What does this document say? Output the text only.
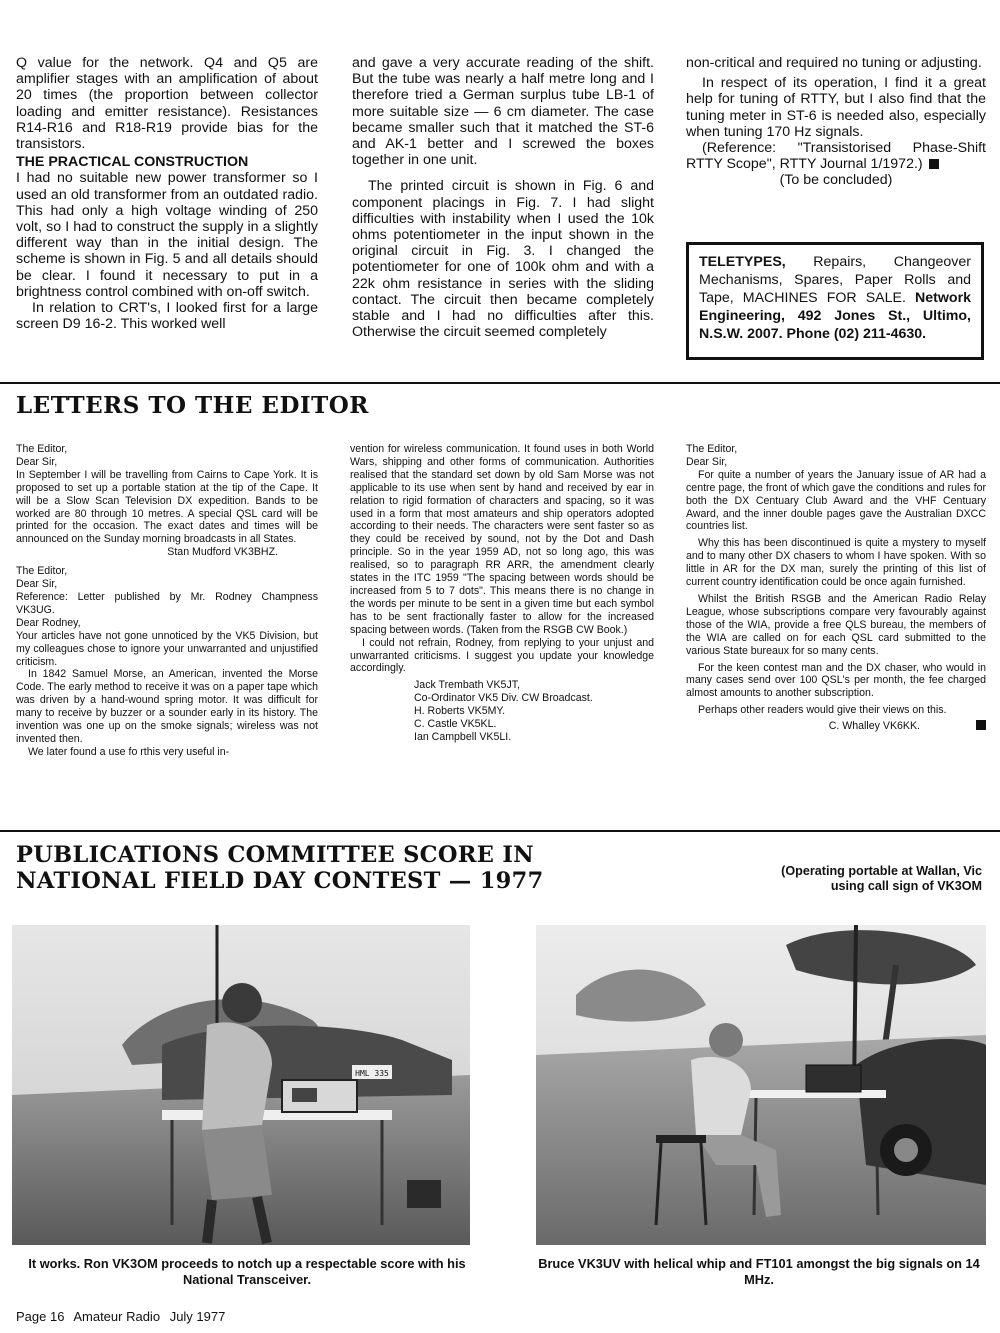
Q value for the network. Q4 and Q5 are amplifier stages with an amplification of about 20 times (the proportion between collector loading and emitter resistance). Resistances R14-R16 and R18-R19 provide bias for the transistors.

THE PRACTICAL CONSTRUCTION

I had no suitable new power transformer so I used an old transformer from an outdated radio. This had only a high voltage winding of 250 volt, so I had to construct the supply in a slightly different way than in the initial design. The scheme is shown in Fig. 5 and all details should be clear. I found it necessary to put in a brightness control combined with on-off switch.

In relation to CRT's, I looked first for a large screen D9 16-2. This worked well

and gave a very accurate reading of the shift. But the tube was nearly a half metre long and I therefore tried a German surplus tube LB-1 of more suitable size — 6 cm diameter. The case became smaller such that it matched the ST-6 and AK-1 better and I screwed the boxes together in one unit.

The printed circuit is shown in Fig. 6 and component placings in Fig. 7. I had slight difficulties with instability when I used the 10k ohms potentiometer in the input shown in the original circuit in Fig. 3. I changed the potentiometer for one of 100k ohm and with a 22k ohm resistance in series with the sliding contact. The circuit then became completely stable and I had no difficulties after this. Otherwise the circuit seemed completely

non-critical and required no tuning or adjusting.

In respect of its operation, I find it a great help for tuning of RTTY, but I also find that the tuning meter in ST-6 is needed also, especially when tuning 170 Hz signals.

(Reference: "Transistorised Phase-Shift RTTY Scope", RTTY Journal 1/1972.)

(To be concluded)

TELETYPES, Repairs, Changeover Mechanisms, Spares, Paper Rolls and Tape, MACHINES FOR SALE. Network Engineering, 492 Jones St., Ultimo, N.S.W. 2007. Phone (02) 211-4630.
LETTERS TO THE EDITOR

The Editor,

Dear Sir,

In September I will be travelling from Cairns to Cape York. It is proposed to set up a portable station at the tip of the Cape. It will be a Slow Scan Television DX expedition. Bands to be worked are 80 through 10 metres. A special QSL card will be printed for the occasion. The exact dates and times will be announced on the Sunday morning broadcasts in all States.

Stan Mudford VK3BHZ.

The Editor,

Dear Sir,

Reference: Letter published by Mr. Rodney Champness VK3UG.

Dear Rodney,

Your articles have not gone unnoticed by the VK5 Division, but my colleagues chose to ignore your unwarranted and unjustified criticism.

In 1842 Samuel Morse, an American, invented the Morse Code. The early method to receive it was on a paper tape which was driven by a hand-wound spring motor. It was difficult for many to receive by buzzer or a sounder early in its history. The invention was one up on the smoke signals; wireless was not invented then.

We later found a use fo rthis very useful in-

vention for wireless communication. It found uses in both World Wars, shipping and other forms of communication. Authorities realised that the standard set down by old Sam Morse was not applicable to its use when sent by hand and received by ear in relation to rigid formation of characters and spacing, so it was used in a form that most amateurs and ship operators adopted according to their needs. The characters were sent faster so as they could be received by sound, not by the Dot and Dash principle. So in the year 1959 AD, not so long ago, this was realised, so to paragraph RR ARR, the amendment clearly states in the ITC 1959 "The spacing between words should be increased from 5 to 7 dots". This means there is no change in the words per minute to be sent in a given time but each symbol has to be sent fractionally faster to allow for the increased spacing between words. (Taken from the RSGB CW Book.)

I could not refrain, Rodney, from replying to your unjust and unwarranted criticisms. I suggest you update your knowledge accordingly.

Jack Trembath VK5JT,

Co-Ordinator VK5 Div. CW Broadcast.

H. Roberts VK5MY.

C. Castle VK5KL.

Ian Campbell VK5LI.

The Editor,

Dear Sir,

For quite a number of years the January issue of AR had a centre page, the front of which gave the conditions and rules for both the DX Centuary Club Award and the VHF Centuary Award, and the inner double pages gave the Australian DXCC countries list.

Why this has been discontinued is quite a mystery to myself and to many other DX chasers to whom I have spoken. With so little in AR for the DX man, surely the printing of this list of current country identification could be once again furnished.

Whilst the British RSGB and the American Radio Relay League, whose subscriptions compare very favourably against those of the WIA, provide a free QLS bureau, the members of the WIA are called on for each QSL card submitted to the various State bureaux for so many cents.

For the keen contest man and the DX chaser, who would in many cases send over 100 QSL's per month, the fee charged almost amounts to another subscription.

Perhaps other readers would give their views on this.

C. Whalley VK6KK.

PUBLICATIONS COMMITTEE SCORE IN
NATIONAL FIELD DAY CONTEST — 1977	(Operating portable at Wallan, Vic
using call sign of VK3OM
HML 335
It works. Ron VK3OM proceeds to notch up a respectable score with his National Transceiver.
Bruce VK3UV with helical whip and FT101 amongst the big signals on 14 MHz.
Page 16 Amateur Radio July 1977
